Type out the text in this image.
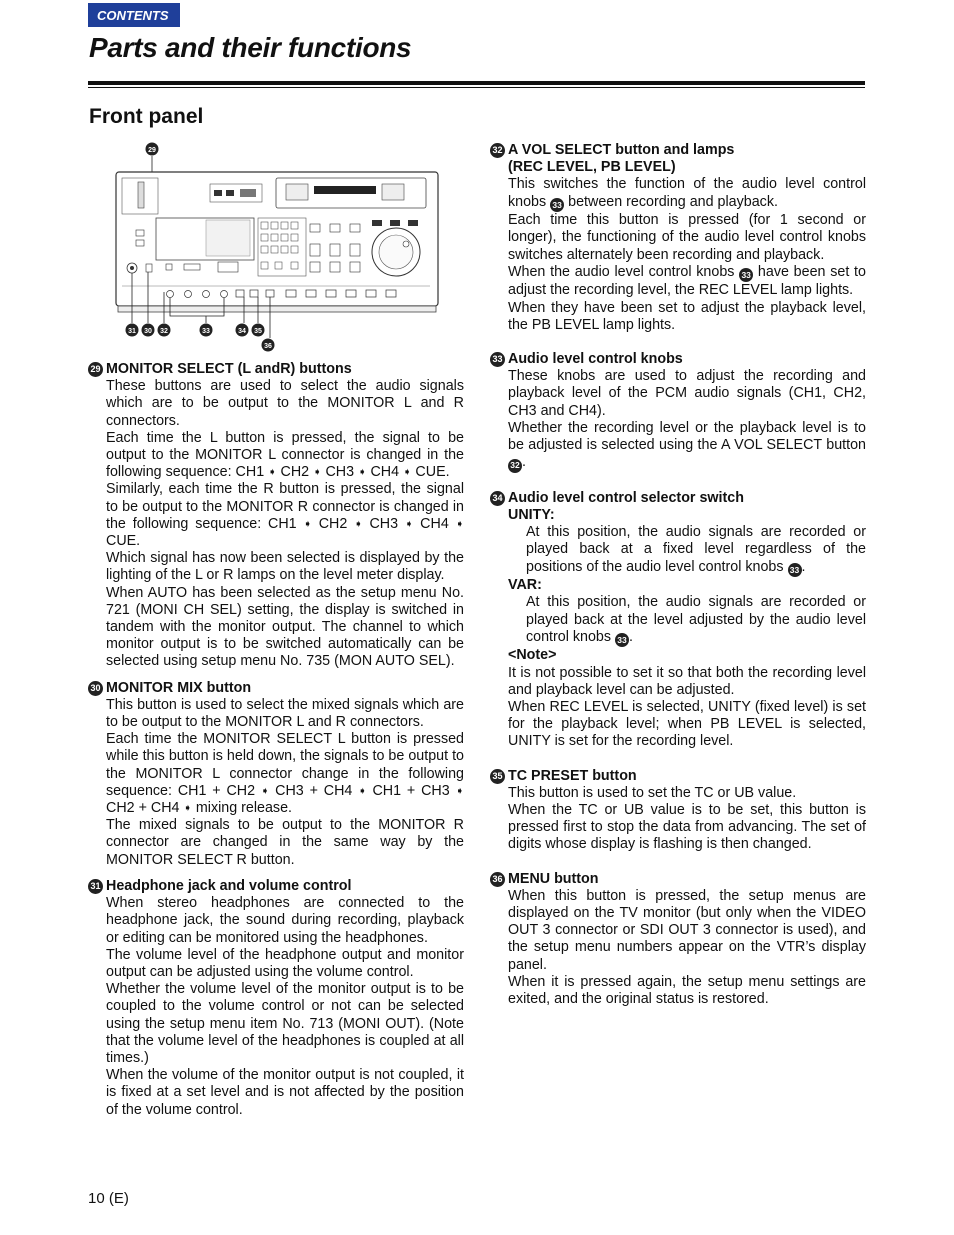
CONTENTS
Parts and their functions
Front panel
29
31 30 32	33	34 35
36
29 MONITOR SELECT (L andR) buttons

These buttons are used to select the audio signals which are to be output to the MONITOR L and R connectors.

Each time the L button is pressed, the signal to be output to the MONITOR L connector is changed in the following sequence: CH1 ➧ CH2 ➧ CH3 ➧ CH4 ➧ CUE.

Similarly, each time the R button is pressed, the signal to be output to the MONITOR R connector is changed in the following sequence: CH1 ➧ CH2 ➧ CH3 ➧ CH4 ➧ CUE.

Which signal has now been selected is displayed by the lighting of the L or R lamps on the level meter display.

When AUTO has been selected as the setup menu No. 721 (MONI CH SEL) setting, the display is switched in tandem with the monitor output. The channel to which monitor output is to be switched automatically can be selected using setup menu No. 735 (MON AUTO SEL).

30 MONITOR MIX button

This button is used to select the mixed signals which are to be output to the MONITOR L and R connectors.

Each time the MONITOR SELECT L button is pressed while this button is held down, the signals to be output to the MONITOR L connector change in the following sequence: CH1 + CH2 ➧ CH3 + CH4 ➧ CH1 + CH3 ➧ CH2 + CH4 ➧ mixing release.

The mixed signals to be output to the MONITOR R connector are changed in the same way by the MONITOR SELECT R button.

31 Headphone jack and volume control

When stereo headphones are connected to the headphone jack, the sound during recording, playback or editing can be monitored using the headphones.

The volume level of the headphone output and monitor output can be adjusted using the volume control.

Whether the volume level of the monitor output is to be coupled to the volume control or not can be selected using the setup menu item No. 713 (MONI OUT). (Note that the volume level of the headphones is coupled at all times.)

When the volume of the monitor output is not coupled, it is fixed at a set level and is not affected by the position of the volume control.

32 A VOL SELECT button and lamps

(REC LEVEL, PB LEVEL)

This switches the function of the audio level control knobs 33 between recording and playback.

Each time this button is pressed (for 1 second or longer), the functioning of the audio level control knobs switches alternately been recording and playback.

When the audio level control knobs 33 have been set to adjust the recording level, the REC LEVEL lamp lights.

When they have been set to adjust the playback level, the PB LEVEL lamp lights.

33 Audio level control knobs

These knobs are used to adjust the recording and playback level of the PCM audio signals (CH1, CH2, CH3 and CH4).

Whether the recording level or the playback level is to be adjusted is selected using the A VOL SELECT button 32 .

34 Audio level control selector switch

UNITY:

At this position, the audio signals are recorded or played back at a fixed level regardless of the positions of the audio level control knobs 33 .

VAR:

At this position, the audio signals are recorded or played back at the level adjusted by the audio level control knobs 33 .

<Note>

It is not possible to set it so that both the recording level and playback level can be adjusted.

When REC LEVEL is selected, UNITY (fixed level) is set for the playback level; when PB LEVEL is selected, UNITY is set for the recording level.

35 TC PRESET button

This button is used to set the TC or UB value.

When the TC or UB value is to be set, this button is pressed first to stop the data from advancing. The set of digits whose display is flashing is then changed.

36 MENU button

When this button is pressed, the setup menus are displayed on the TV monitor (but only when the VIDEO OUT 3 connector or SDI OUT 3 connector is used), and the setup menu numbers appear on the VTR’s display panel.

When it is pressed again, the setup menu settings are exited, and the original status is restored.

10 (E)
